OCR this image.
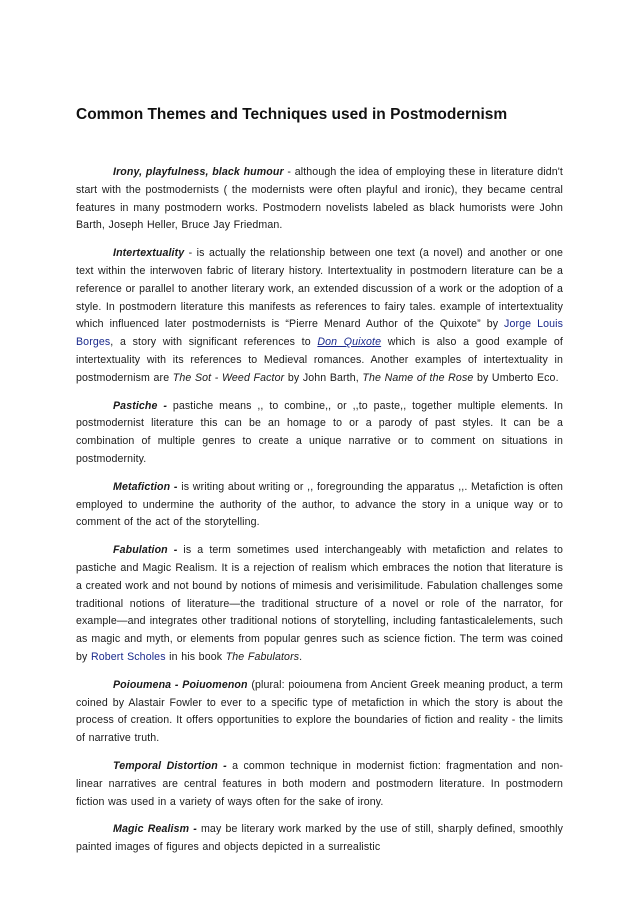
Common Themes and Techniques used in Postmodernism

Irony, playfulness, black humour - although the idea of employing these in literature didn't start with the postmodernists ( the modernists were often playful and ironic), they became central features in many postmodern works. Postmodern novelists labeled as black humorists were John Barth, Joseph Heller, Bruce Jay Friedman.

Intertextuality - is actually the relationship between one text (a novel) and another or one text within the interwoven fabric of literary history. Intertextuality in postmodern literature can be a reference or parallel to another literary work, an extended discussion of a work or the adoption of a style. In postmodern literature this manifests as references to fairy tales. example of intertextuality which influenced later postmodernists is “Pierre Menard Author of the Quixote” by Jorge Louis Borges, a story with significant references to Don Quixote which is also a good example of intertextuality with its references to Medieval romances. Another examples of intertextuality in postmodernism are The Sot - Weed Factor by John Barth, The Name of the Rose by Umberto Eco.

Pastiche - pastiche means ,, to combine,, or ,,to paste,, together multiple elements. In postmodernist literature this can be an homage to or a parody of past styles. It can be a combination of multiple genres to create a unique narrative or to comment on situations in postmodernity.

Metafiction - is writing about writing or ,, foregrounding the apparatus ,,. Metafiction is often employed to undermine the authority of the author, to advance the story in a unique way or to comment of the act of the storytelling.

Fabulation - is a term sometimes used interchangeably with metafiction and relates to pastiche and Magic Realism. It is a rejection of realism which embraces the notion that literature is a created work and not bound by notions of mimesis and verisimilitude. Fabulation challenges some traditional notions of literature—the traditional structure of a novel or role of the narrator, for example—and integrates other traditional notions of storytelling, including fantasticalelements, such as magic and myth, or elements from popular genres such as science fiction. The term was coined by Robert Scholes in his book The Fabulators.

Poioumena - Poiuomenon (plural: poioumena from Ancient Greek meaning product, a term coined by Alastair Fowler to ever to a specific type of metafiction in which the story is about the process of creation. It offers opportunities to explore the boundaries of fiction and reality - the limits of narrative truth.

Temporal Distortion - a common technique in modernist fiction: fragmentation and non-linear narratives are central features in both modern and postmodern literature. In postmodern fiction was used in a variety of ways often for the sake of irony.

Magic Realism - may be literary work marked by the use of still, sharply defined, smoothly painted images of figures and objects depicted in a surrealistic
